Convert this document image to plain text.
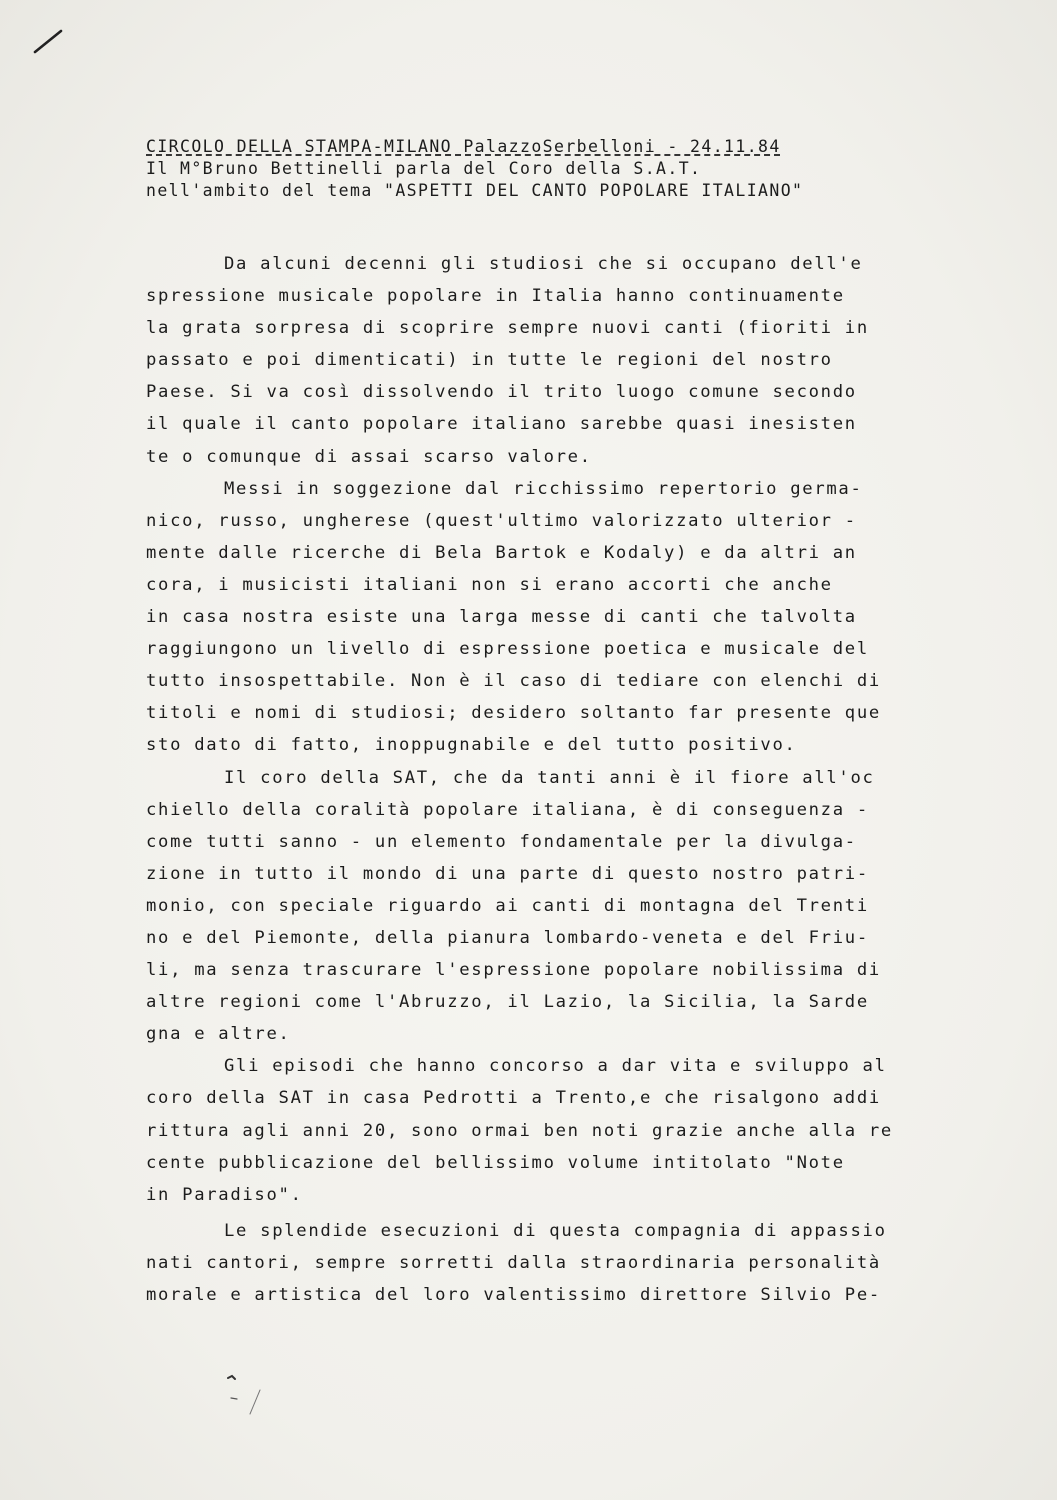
CIRCOLO DELLA STAMPA-MILANO PalazzoSerbelloni - 24.11.84

Il M°Bruno Bettinelli parla del Coro della S.A.T.

nell'ambito del tema "ASPETTI DEL CANTO POPOLARE ITALIANO"

Da alcuni decenni gli studiosi che si occupano dell'e
spressione musicale popolare in Italia hanno continuamente
la grata sorpresa di scoprire sempre nuovi canti (fioriti in
passato e poi dimenticati) in tutte le regioni del nostro
Paese. Si va così dissolvendo il trito luogo comune secondo
il quale il canto popolare italiano sarebbe quasi inesisten
te o comunque di assai scarso valore.
Messi in soggezione dal ricchissimo repertorio germa-
nico, russo, ungherese (quest'ultimo valorizzato ulterior -
mente dalle ricerche di Bela Bartok e Kodaly) e da altri an
cora, i musicisti italiani non si erano accorti che anche
in casa nostra esiste una larga messe di canti che talvolta
raggiungono un livello di espressione poetica e musicale del
tutto insospettabile. Non è il caso di tediare con elenchi di
titoli e nomi di studiosi; desidero soltanto far presente que
sto dato di fatto, inoppugnabile e del tutto positivo.
Il coro della SAT, che da tanti anni è il fiore all'oc
chiello della coralità popolare italiana, è di conseguenza -
come tutti sanno - un elemento fondamentale per la divulga-
zione in tutto il mondo di una parte di questo nostro patri-
monio, con speciale riguardo ai canti di montagna del Trenti
no e del Piemonte, della pianura lombardo-veneta e del Friu-
li, ma senza trascurare l'espressione popolare nobilissima di
altre regioni come l'Abruzzo, il Lazio, la Sicilia, la Sarde
gna e altre.
Gli episodi che hanno concorso a dar vita e sviluppo al
coro della SAT in casa Pedrotti a Trento,e che risalgono addi
rittura agli anni 20, sono ormai ben noti grazie anche alla re
cente pubblicazione del bellissimo volume intitolato "Note
in Paradiso".
Le splendide esecuzioni di questa compagnia di appassio
nati cantori, sempre sorretti dalla straordinaria personalità
morale e artistica del loro valentissimo direttore Silvio Pe-
